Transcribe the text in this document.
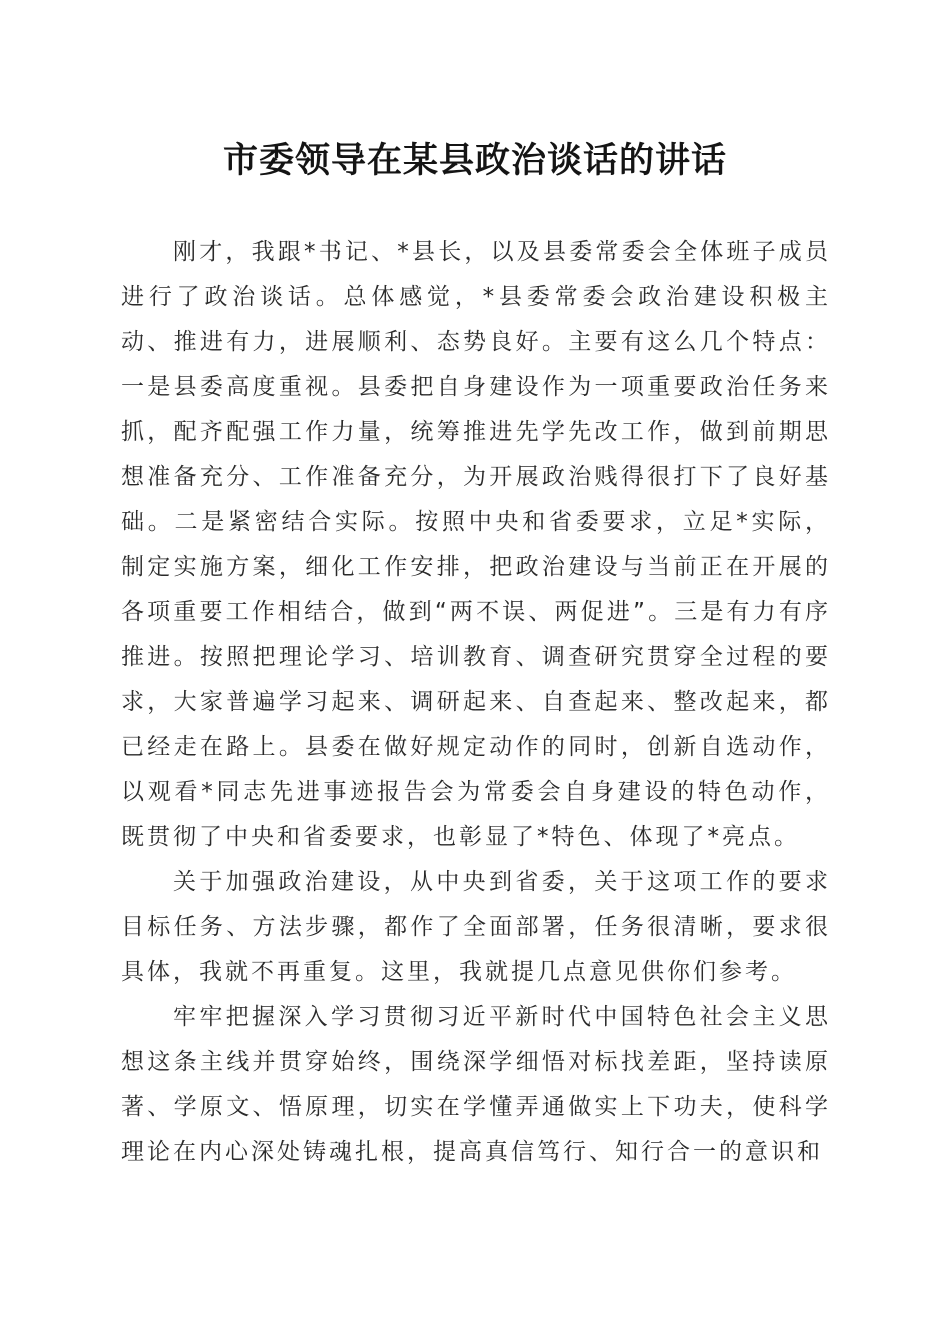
市委领导在某县政治谈话的讲话

刚才，我跟*书记、*县长，以及县委常委会全体班子成员进行了政治谈话。总体感觉，*县委常委会政治建设积极主动、推进有力，进展顺利、态势良好。主要有这么几个特点：一是县委高度重视。县委把自身建设作为一项重要政治任务来抓，配齐配强工作力量，统筹推进先学先改工作，做到前期思想准备充分、工作准备充分，为开展政治贱得很打下了良好基础。二是紧密结合实际。按照中央和省委要求，立足*实际，制定实施方案，细化工作安排，把政治建设与当前正在开展的各项重要工作相结合，做到“两不误、两促进”。三是有力有序推进。按照把理论学习、培训教育、调查研究贯穿全过程的要求，大家普遍学习起来、调研起来、自查起来、整改起来，都已经走在路上。县委在做好规定动作的同时，创新自选动作，以观看*同志先进事迹报告会为常委会自身建设的特色动作，既贯彻了中央和省委要求，也彰显了*特色、体现了*亮点。

关于加强政治建设，从中央到省委，关于这项工作的要求目标任务、方法步骤，都作了全面部署，任务很清晰，要求很具体，我就不再重复。这里，我就提几点意见供你们参考。

牢牢把握深入学习贯彻习近平新时代中国特色社会主义思想这条主线并贯穿始终，围绕深学细悟对标找差距，坚持读原著、学原文、悟原理，切实在学懂弄通做实上下功夫，使科学理论在内心深处铸魂扎根，提高真信笃行、知行合一的意识和
